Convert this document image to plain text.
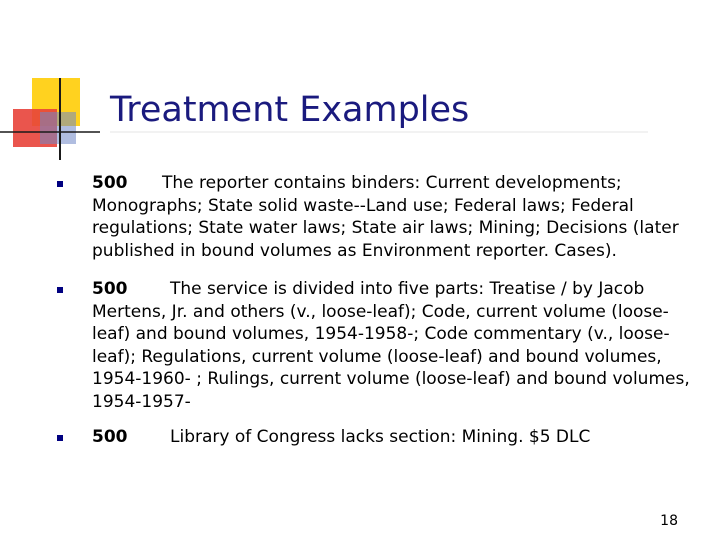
Treatment Examples
500 The reporter contains binders: Current developments; Monographs; State solid waste--Land use; Federal laws; Federal regulations; State water laws; State air laws; Mining; Decisions (later published in bound volumes as Environment reporter. Cases).
500	The service is divided into five parts: Treatise / by Jacob Mertens, Jr. and others (v., loose-leaf); Code, current volume (loose-leaf) and bound volumes, 1954-1958-; Code commentary (v., loose-leaf); Regulations, current volume (loose-leaf) and bound volumes, 1954-1960- ; Rulings, current volume (loose-leaf) and bound volumes, 1954-1957-
500	Library of Congress lacks section: Mining. $5 DLC
18
